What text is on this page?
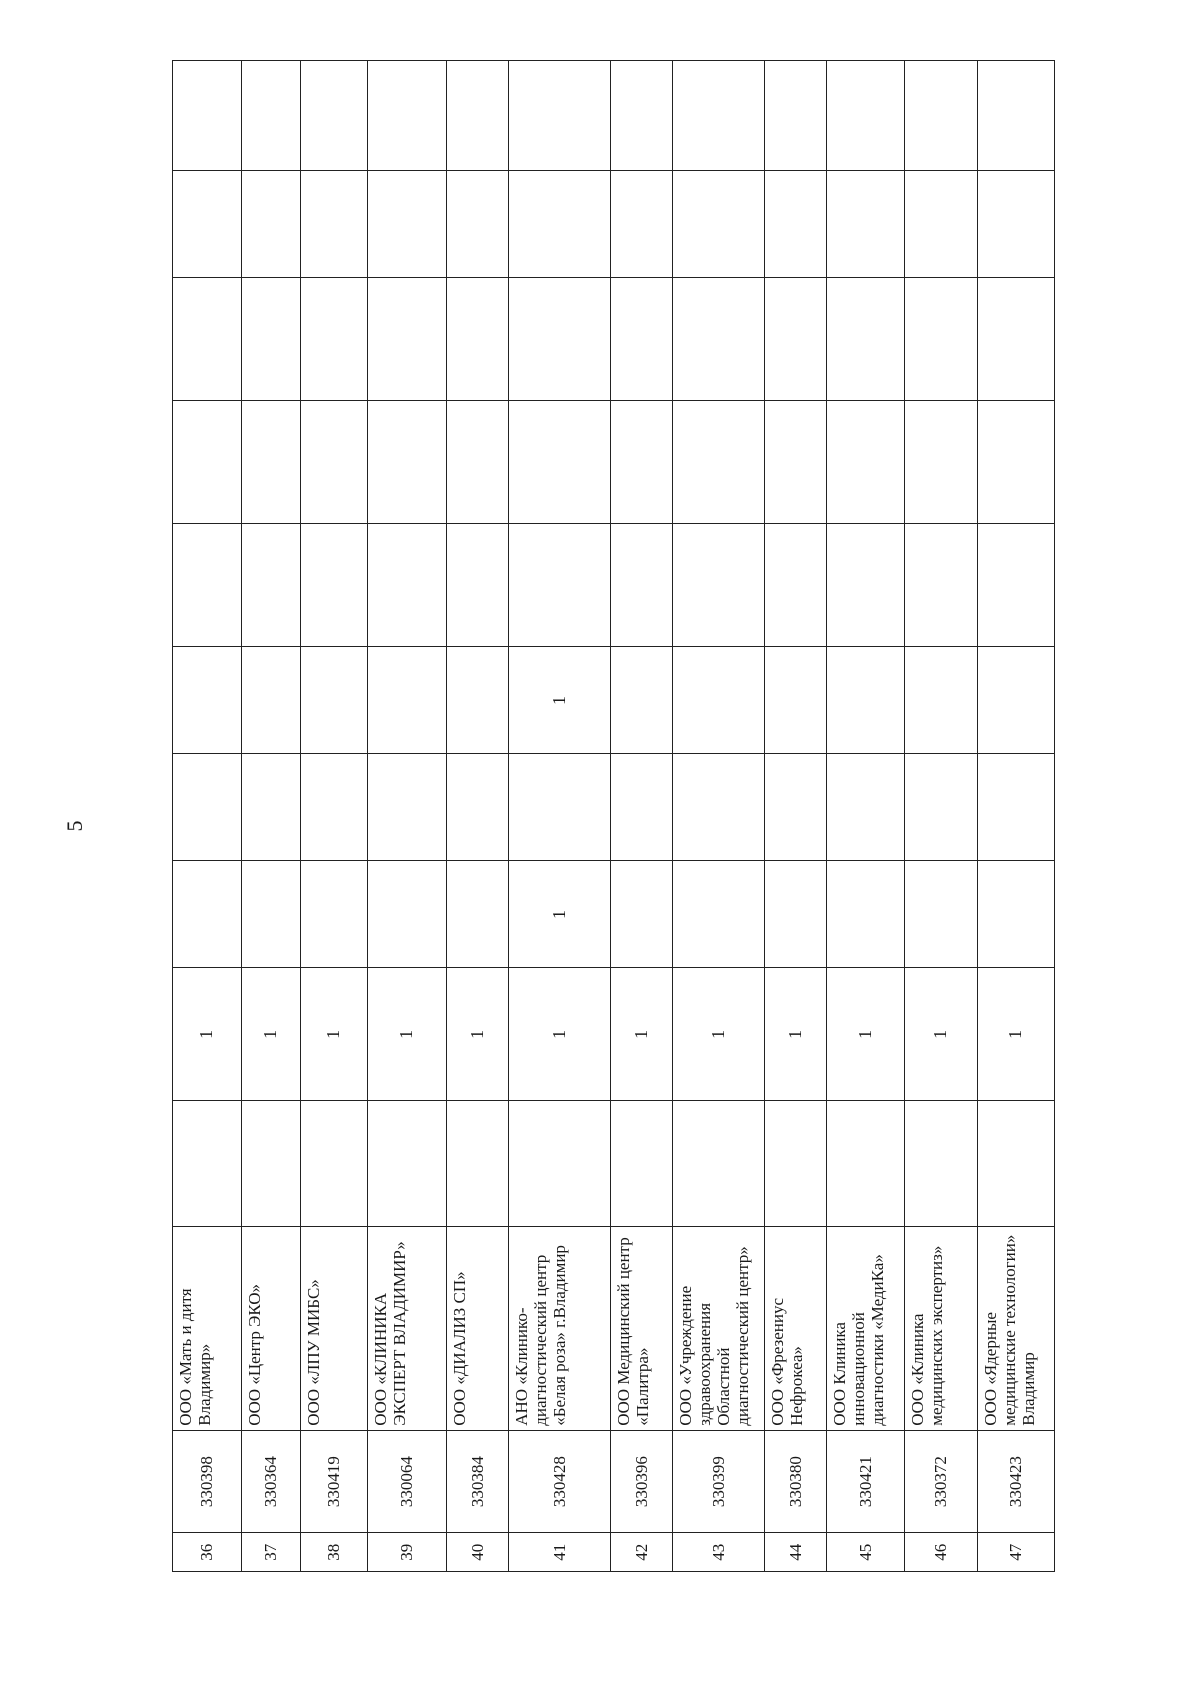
5
36	330398	ООО «Мать и дитя Владимир»		1								
37	330364	ООО «Центр ЭКО»		1								
38	330419	ООО «ЛПУ МИБС»		1								
39	330064	ООО «КЛИНИКА ЭКСПЕРТ ВЛАДИМИР»		1								
40	330384	ООО «ДИАЛИЗ СП»		1								
41	330428	АНО «Клинико-диагностический центр «Белая роза» г.Владимир		1	1		1					
42	330396	ООО Медицинский центр «Палитра»		1								
43	330399	ООО «Учреждение здравоохранения Областной диагностический центр»		1								
44	330380	ООО «Фрезениус Нефрокеа»		1								
45	330421	ООО Клиника инновационной диагностики «МедиКа»		1								
46	330372	ООО «Клиника медицинских экспертиз»		1								
47	330423	ООО «Ядерные медицинские технологии» Владимир		1								
